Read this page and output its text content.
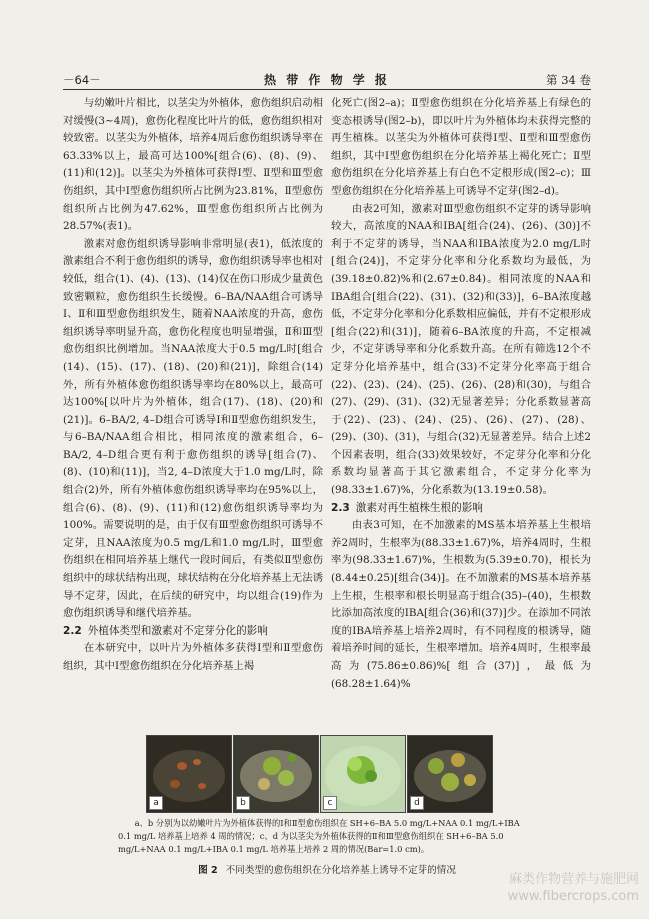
－64－	热 带 作 物 学 报	第 34 卷

与幼嫩叶片相比，以茎尖为外植体，愈伤组织启动相对缓慢(3~4周)，愈伤化程度比叶片的低，愈伤组织相对较致密。以茎尖为外植体，培养4周后愈伤组织诱导率在63.33%以上，最高可达100%[组合(6)、(8)、(9)、(11)和(12)]。以茎尖为外植体可获得Ⅰ型、Ⅱ型和Ⅲ型愈伤组织，其中Ⅰ型愈伤组织所占比例为23.81%，Ⅱ型愈伤组织所占比例为47.62%，Ⅲ型愈伤组织所占比例为28.57%(表1)。

激素对愈伤组织诱导影响非常明显(表1)，低浓度的激素组合不利于愈伤组织的诱导，愈伤组织诱导率也相对较低，组合(1)、(4)、(13)、(14)仅在伤口形成少量黄色致密颗粒，愈伤组织生长缓慢。6–BA/NAA组合可诱导Ⅰ、Ⅱ和Ⅲ型愈伤组织发生，随着NAA浓度的升高，愈伤组织诱导率明显升高，愈伤化程度也明显增强，Ⅱ和Ⅲ型愈伤组织比例增加。当NAA浓度大于0.5 mg/L时[组合(14)、(15)、(17)、(18)、(20)和(21)]，除组合(14)外，所有外植体愈伤组织诱导率均在80%以上，最高可达100%[以叶片为外植体，组合(17)、(18)、(20)和(21)]。6–BA/2, 4–D组合可诱导Ⅰ和Ⅱ型愈伤组织发生，与6–BA/NAA组合相比，相同浓度的激素组合，6–BA/2, 4–D组合更有利于愈伤组织的诱导[组合(7)、(8)、(10)和(11)]，当2, 4–D浓度大于1.0 mg/L时，除组合(2)外，所有外植体愈伤组织诱导率均在95%以上，组合(6)、(8)、(9)、(11)和(12)愈伤组织诱导率均为100%。需要说明的是，由于仅有Ⅲ型愈伤组织可诱导不定芽，且NAA浓度为0.5 mg/L和1.0 mg/L时，Ⅲ型愈伤组织在相同培养基上继代一段时间后，有类似Ⅱ型愈伤组织中的球状结构出现，球状结构在分化培养基上无法诱导不定芽，因此，在后续的研究中，均以组合(19)作为愈伤组织诱导和继代培养基。

2.2 外植体类型和激素对不定芽分化的影响

在本研究中，以叶片为外植体多获得Ⅰ型和Ⅱ型愈伤组织，其中Ⅰ型愈伤组织在分化培养基上褐

化死亡(图2–a)；Ⅱ型愈伤组织在分化培养基上有绿色的变态根诱导(图2–b)，即以叶片为外植体均未获得完整的再生植株。以茎尖为外植体可获得Ⅰ型、Ⅱ型和Ⅲ型愈伤组织，其中Ⅰ型愈伤组织在分化培养基上褐化死亡；Ⅱ型愈伤组织在分化培养基上有白色不定根形成(图2–c)；Ⅲ型愈伤组织在分化培养基上可诱导不定芽(图2–d)。

由表2可知，激素对Ⅲ型愈伤组织不定芽的诱导影响较大，高浓度的NAA和IBA[组合(24)、(26)、(30)]不利于不定芽的诱导，当NAA和IBA浓度为2.0 mg/L时[组合(24)]，不定芽分化率和分化系数均为最低，为(39.18±0.82)%和(2.67±0.84)。相同浓度的NAA和IBA组合[组合(22)、(31)、(32)和(33)]，6–BA浓度越低，不定芽分化率和分化系数相应偏低，并有不定根形成[组合(22)和(31)]，随着6–BA浓度的升高，不定根减少，不定芽诱导率和分化系数升高。在所有筛选12个不定芽分化培养基中，组合(33)不定芽分化率高于组合(22)、(23)、(24)、(25)、(26)、(28)和(30)，与组合(27)、(29)、(31)、(32)无显著差异；分化系数显著高于(22)、(23)、(24)、(25)、(26)、(27)、(28)、(29)、(30)、(31)，与组合(32)无显著差异。结合上述2个因素表明，组合(33)效果较好，不定芽分化率和分化系数均显著高于其它激素组合，不定芽分化率为(98.33±1.67)%，分化系数为(13.19±0.58)。

2.3 激素对再生植株生根的影响

由表3可知，在不加激素的MS基本培养基上生根培养2周时，生根率为(88.33±1.67)%，培养4周时，生根率为(98.33±1.67)%，生根数为(5.39±0.70)，根长为(8.44±0.25)[组合(34)]。在不加激素的MS基本培养基上生根，生根率和根长明显高于组合(35)–(40)，生根数比添加高浓度的IBA[组合(36)和(37)]少。在添加不同浓度的IBA培养基上培养2周时，有不同程度的根诱导，随着培养时间的延长，生根率增加。培养4周时，生根率最高为(75.86±0.86)%[组合(37)]，最低为(68.28±1.64)%

a	b	c	d

a、b 分别为以幼嫩叶片为外植体获得的Ⅰ和Ⅱ型愈伤组织在 SH+6–BA 5.0 mg/L+NAA 0.1 mg/L+IBA 0.1 mg/L 培养基上培养 4 周的情况；c、d 为以茎尖为外植体获得的Ⅱ和Ⅲ型愈伤组织在 SH+6–BA 5.0 mg/L+NAA 0.1 mg/L+IBA 0.1 mg/L 培养基上培养 2 周的情况(Bar=1.0 cm)。

图 2 不同类型的愈伤组织在分化培养基上诱导不定芽的情况
麻类作物营养与施肥网
www.fibercrops.com
